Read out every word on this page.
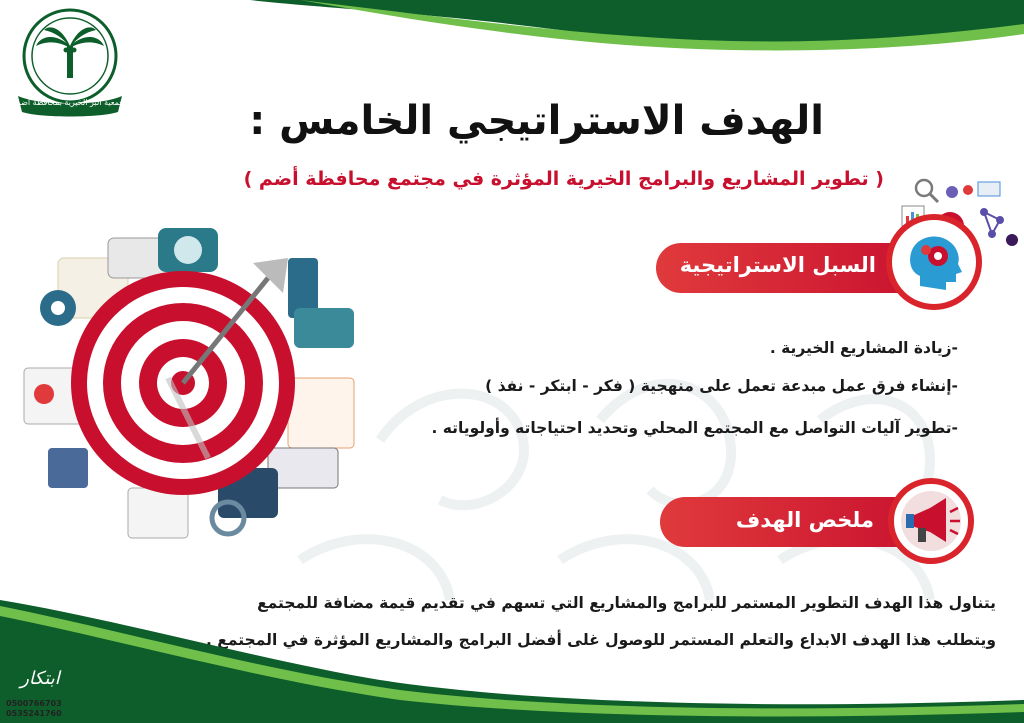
جمعية البر الخيرية بمحافظة أضم	الهدف الاستراتيجي الخامس :
( تطوير المشاريع والبرامج الخيرية المؤثرة في مجتمع محافظة أضم )
السبل الاستراتيجية
-زيادة المشاريع الخيرية .
-إنشاء فرق عمل مبدعة تعمل على منهجية ( فكر - ابتكر - نفذ )
-تطوير آليات التواصل مع المجتمع المحلي وتحديد احتياجاته وأولوياته .
ملخص الهدف
يتناول هذا الهدف التطوير المستمر للبرامج والمشاريع التي تسهم في تقديم قيمة مضافة للمجتمع
ويتطلب هذا الهدف الابداع والتعلم المستمر للوصول غلى أفضل البرامج والمشاريع المؤثرة في المجتمع .
ابتكار
0500766703
0535241760
